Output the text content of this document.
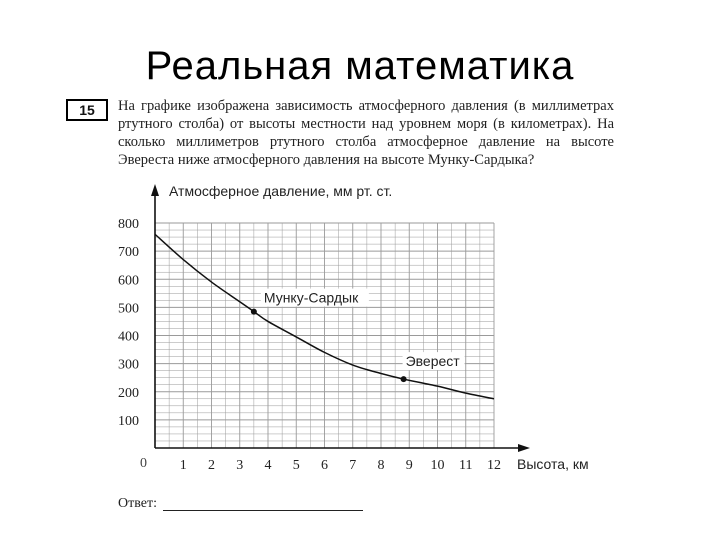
Реальная математика
15	На графике изображена зависимость атмосферного давления (в миллиметрах ртутного столба) от высоты местности над уровнем моря (в километрах). На сколько миллиметров ртутного столба атмосферное давление на высоте Эвереста ниже атмосферного давления на высоте Мунку-Сардыка?
1 2 3 4 5 6 7 8 9 10 11 12
100
200
300
400
500
600
700
800
0
Атмосферное давление, мм рт. ст.
Высота, км
Мунку-Сардык
Эверест
Ответ:
